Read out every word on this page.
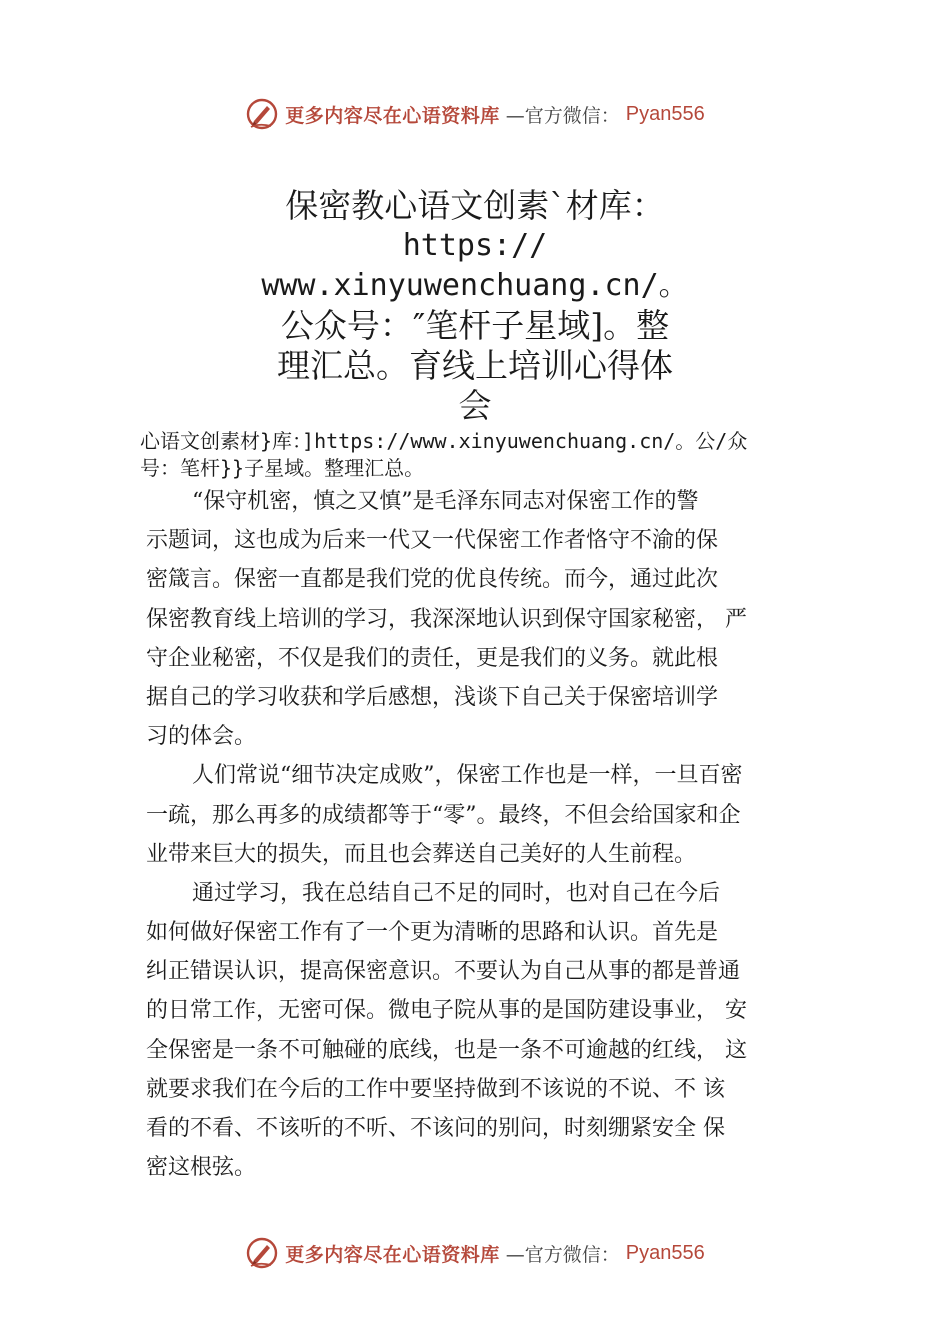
更多内容尽在心语资料库 —官方微信： Pyan556
保密教心语文创素`材库：
https://
www.xinyuwenchuang.cn/。
公众号：″笔杆子星域]。整
理汇总。育线上培训心得体
会
心语文创素材}库：]https://www.xinyuwenchuang.cn/。公/众
号：笔杆}}子星域。整理汇总。
“保守机密，慎之又慎”是毛泽东同志对保密工作的警
示题词，这也成为后来一代又一代保密工作者恪守不渝的保
密箴言。保密一直都是我们党的优良传统。而今，通过此次
保密教育线上培训的学习，我深深地认识到保守国家秘密， 严
守企业秘密，不仅是我们的责任，更是我们的义务。就此根
据自己的学习收获和学后感想，浅谈下自己关于保密培训学
习的体会。
人们常说“细节决定成败”，保密工作也是一样，一旦百密
一疏，那么再多的成绩都等于“零”。最终，不但会给国家和企
业带来巨大的损失，而且也会葬送自己美好的人生前程。
通过学习，我在总结自己不足的同时，也对自己在今后
如何做好保密工作有了一个更为清晰的思路和认识。首先是
纠正错误认识，提高保密意识。不要认为自己从事的都是普通
的日常工作，无密可保。微电子院从事的是国防建设事业， 安
全保密是一条不可触碰的底线，也是一条不可逾越的红线， 这
就要求我们在今后的工作中要坚持做到不该说的不说、不 该
看的不看、不该听的不听、不该问的别问，时刻绷紧安全 保
密这根弦。
更多内容尽在心语资料库 —官方微信： Pyan556
